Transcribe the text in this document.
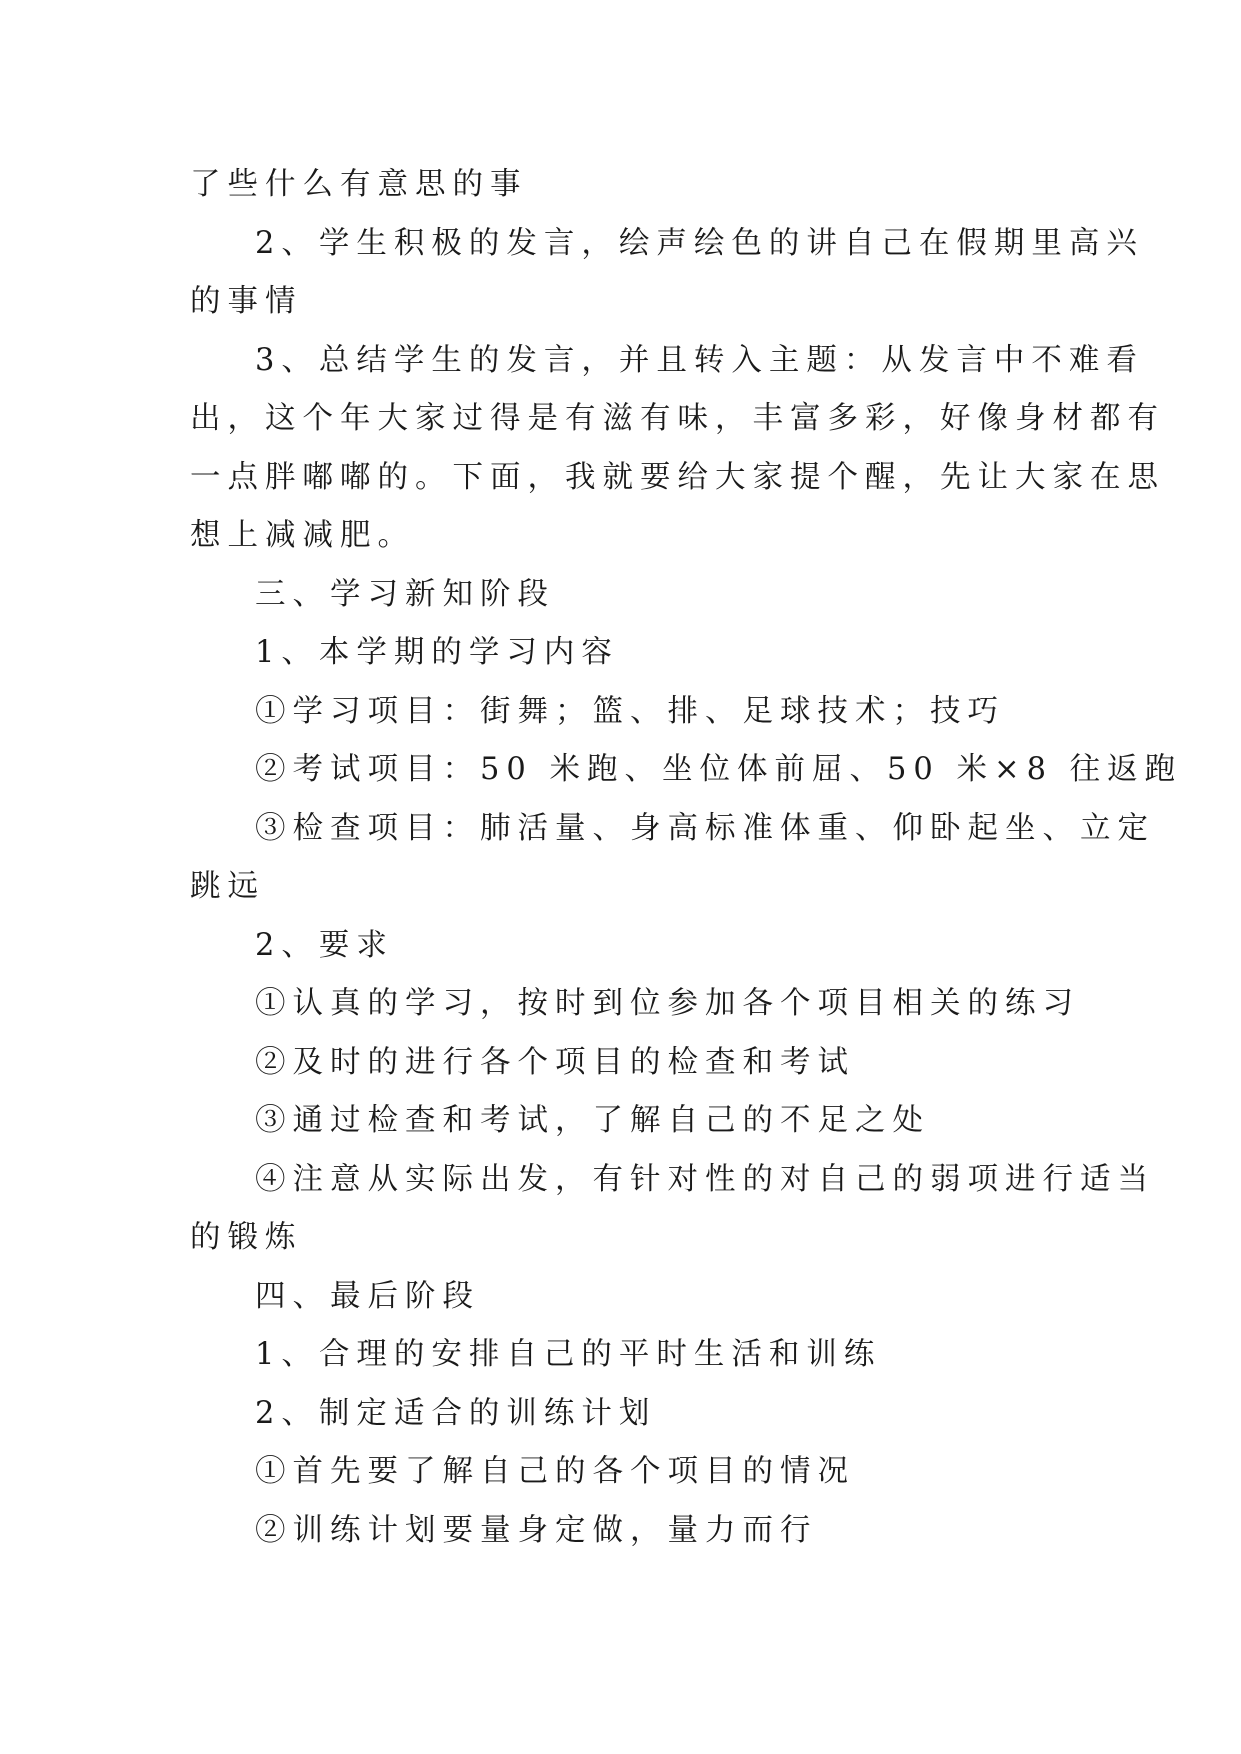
了些什么有意思的事

2、学生积极的发言，绘声绘色的讲自己在假期里高兴

的事情

3、总结学生的发言，并且转入主题：从发言中不难看

出，这个年大家过得是有滋有味，丰富多彩，好像身材都有

一点胖嘟嘟的。下面，我就要给大家提个醒，先让大家在思

想上减减肥。

三、学习新知阶段

1、本学期的学习内容

①学习项目：街舞；篮、排、足球技术；技巧

②考试项目：50 米跑、坐位体前屈、50 米×8 往返跑

③检查项目：肺活量、身高标准体重、仰卧起坐、立定

跳远

2、要求

①认真的学习，按时到位参加各个项目相关的练习

②及时的进行各个项目的检查和考试

③通过检查和考试，了解自己的不足之处

④注意从实际出发，有针对性的对自己的弱项进行适当

的锻炼

四、最后阶段

1、合理的安排自己的平时生活和训练

2、制定适合的训练计划

①首先要了解自己的各个项目的情况

②训练计划要量身定做，量力而行
